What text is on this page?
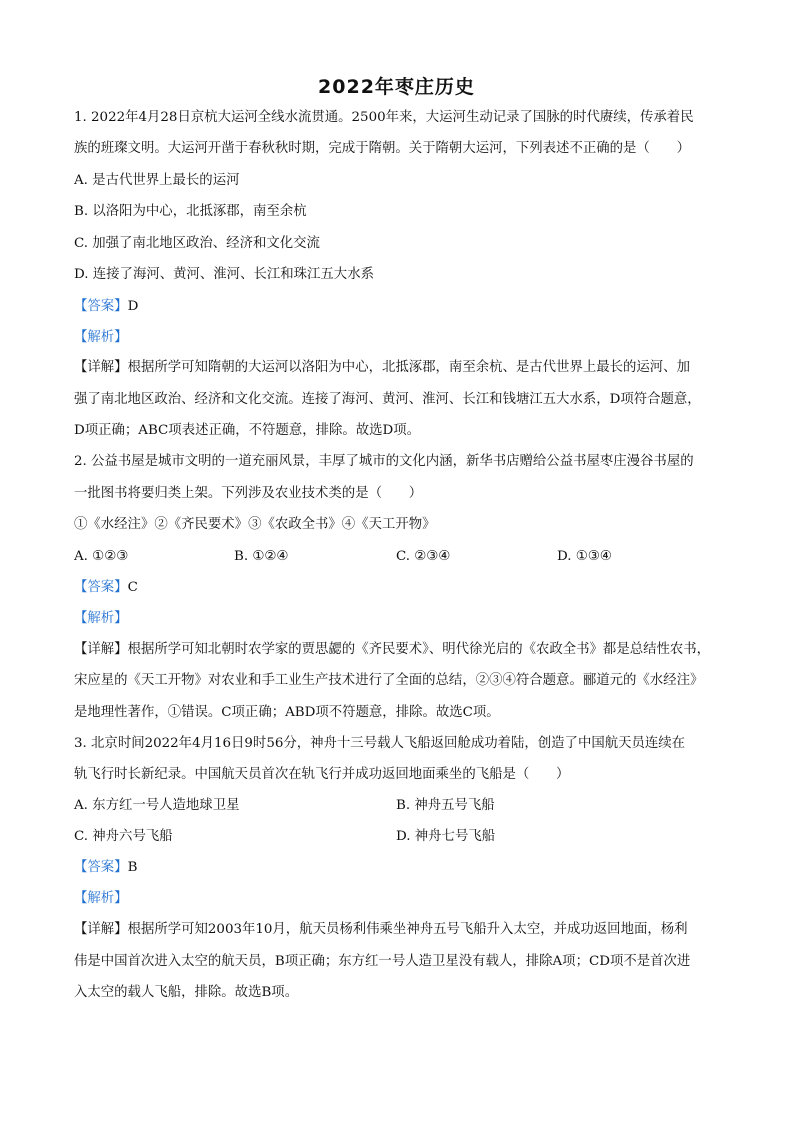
2022年枣庄历史
1. 2022年4月28日京杭大运河全线水流贯通。2500年来，大运河生动记录了国脉的时代赓续，传承着民
族的班璨文明。大运河开凿于春秋秋时期，完成于隋朝。关于隋朝大运河，下列表述不正确的是（　　）
A. 是古代世界上最长的运河
B. 以洛阳为中心，北抵涿郡，南至余杭
C. 加强了南北地区政治、经济和文化交流
D. 连接了海河、黄河、淮河、长江和珠江五大水系
【答案】D
【解析】
【详解】根据所学可知隋朝的大运河以洛阳为中心，北抵涿郡，南至余杭、是古代世界上最长的运河、加
强了南北地区政治、经济和文化交流。连接了海河、黄河、淮河、长江和钱塘江五大水系，D项符合题意，
D项正确；ABC项表述正确，不符题意，排除。故选D项。
2. 公益书屋是城市文明的一道充丽风景，丰厚了城市的文化内涵，新华书店赠给公益书屋枣庄漫谷书屋的
一批图书将要归类上架。下列涉及农业技术类的是（　　）
①《水经注》②《齐民要术》③《农政全书》④《天工开物》
A. ①②③	B. ①②④	C. ②③④	D. ①③④
【答案】C
【解析】
【详解】根据所学可知北朝时农学家的贾思勰的《齐民要术》、明代徐光启的《农政全书》都是总结性农书，
宋应星的《天工开物》对农业和手工业生产技术进行了全面的总结，②③④符合题意。郦道元的《水经注》
是地理性著作，①错误。C项正确；ABD项不符题意，排除。故选C项。
3. 北京时间2022年4月16日9时56分，神舟十三号载人飞船返回舱成功着陆，创造了中国航天员连续在
轨飞行时长新纪录。中国航天员首次在轨飞行并成功返回地面乘坐的飞船是（　　）
A. 东方红一号人造地球卫星	B. 神舟五号飞船
C. 神舟六号飞船	D. 神舟七号飞船
【答案】B
【解析】
【详解】根据所学可知2003年10月，航天员杨利伟乘坐神舟五号飞船升入太空，并成功返回地面，杨利
伟是中国首次进入太空的航天员，B项正确；东方红一号人造卫星没有载人，排除A项；CD项不是首次进
入太空的载人飞船，排除。故选B项。
